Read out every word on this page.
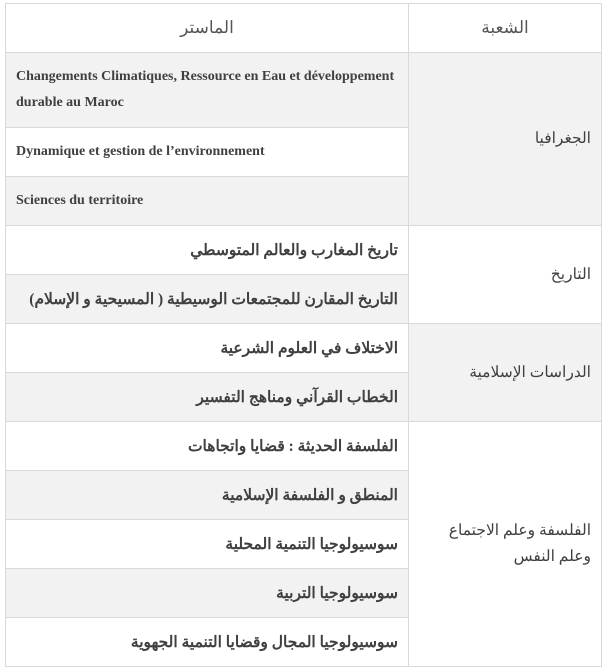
الماستر	الشعبة
Changements Climatiques, Ressource en Eau et développement durable au Maroc	الجغرافيا
Dynamique et gestion de l’environnement	
Sciences du territoire	
تاريخ المغارب والعالم المتوسطي	التاريخ
التاريخ المقارن للمجتمعات الوسيطية ( المسيحية و الإسلام)	
الاختلاف في العلوم الشرعية	الدراسات الإسلامية
الخطاب القرآني ومناهج التفسير	
الفلسفة الحديثة : قضايا واتجاهات	الفلسفة وعلم الاجتماع وعلم النفس
المنطق و الفلسفة الإسلامية	
سوسيولوجيا التنمية المحلية	
سوسيولوجيا التربية	
سوسيولوجيا المجال وقضايا التنمية الجهوية	
